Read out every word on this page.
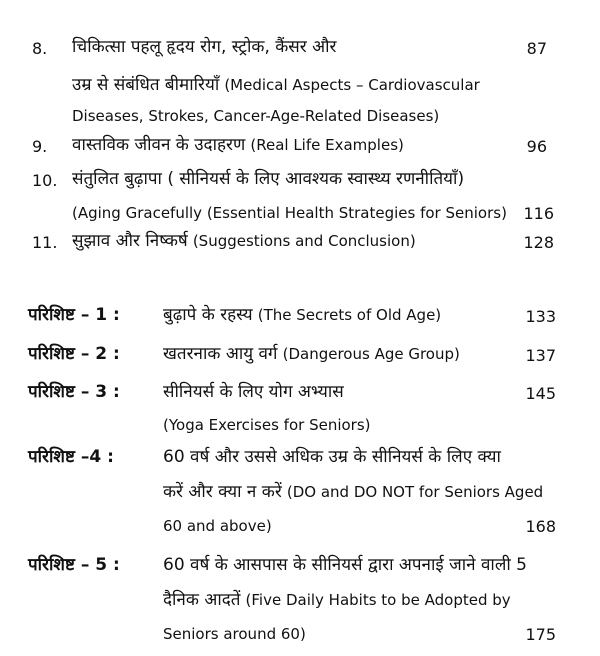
8. चिकित्सा पहलू हृदय रोग, स्ट्रोक, कैंसर और	87
उम्र से संबंधित बीमारियाँ (Medical Aspects – Cardiovascular
Diseases, Strokes, Cancer-Age-Related Diseases)
9. वास्तविक जीवन के उदाहरण (Real Life Examples)	96
10. संतुलित बुढ़ापा ( सीनियर्स के लिए आवश्यक स्वास्थ्य रणनीतियाँ)
(Aging Gracefully (Essential Health Strategies for Seniors) 116
11. सुझाव और निष्कर्ष (Suggestions and Conclusion)	128
परिशिष्ट – 1 :	बुढ़ापे के रहस्य (The Secrets of Old Age)	133
परिशिष्ट – 2 :	खतरनाक आयु वर्ग (Dangerous Age Group)	137
परिशिष्ट – 3 :	सीनियर्स के लिए योग अभ्यास	145
(Yoga Exercises for Seniors)
परिशिष्ट –4 :	60 वर्ष और उससे अधिक उम्र के सीनियर्स के लिए क्या
करें और क्या न करें (DO and DO NOT for Seniors Aged
60 and above)	168
परिशिष्ट – 5 :	60 वर्ष के आसपास के सीनियर्स द्वारा अपनाई जाने वाली 5
दैनिक आदतें (Five Daily Habits to be Adopted by
Seniors around 60)	175
